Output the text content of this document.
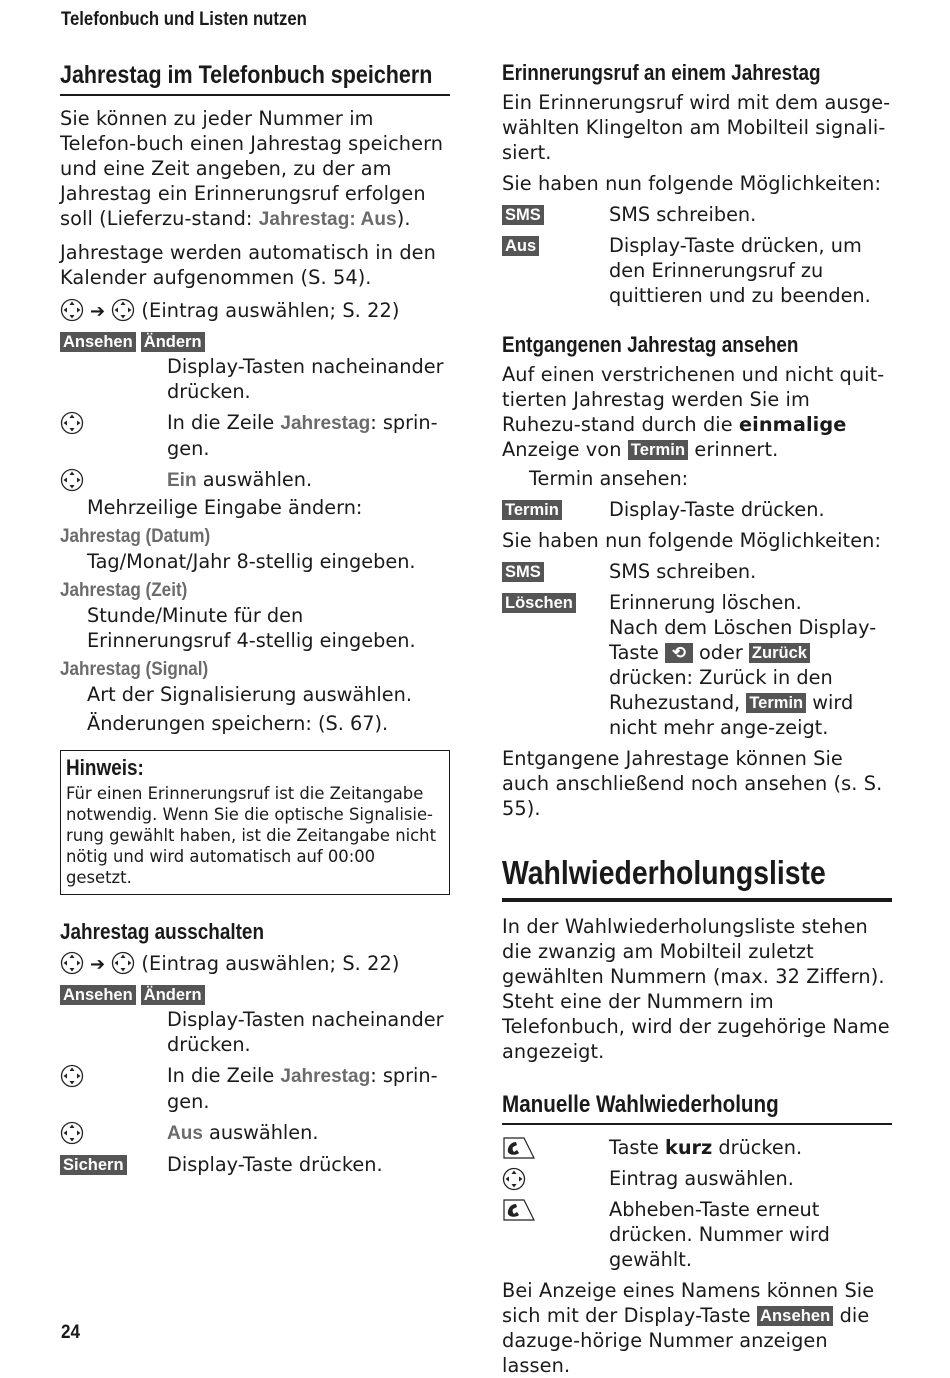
Telefonbuch und Listen nutzen
Jahrestag im Telefonbuch speichern

Sie können zu jeder Nummer im Telefon-buch einen Jahrestag speichern und eine Zeit angeben, zu der am Jahrestag ein Erinnerungsruf erfolgen soll (Lieferzu-stand: Jahrestag: Aus).

Jahrestage werden automatisch in den Kalender aufgenommen (S. 54).

➔ (Eintrag auswählen; S. 22)
Ansehen Ändern
Display-Tasten nacheinander drücken.
In die Zeile Jahrestag: sprin-gen.
Ein auswählen.
Mehrzeilige Eingabe ändern:
Jahrestag (Datum)
Tag/Monat/Jahr 8-stellig eingeben.
Jahrestag (Zeit)
Stunde/Minute für den Erinnerungsruf 4-stellig eingeben.
Jahrestag (Signal)
Art der Signalisierung auswählen.
Änderungen speichern: (S. 67).
Hinweis:
Für einen Erinnerungsruf ist die Zeitangabe notwendig. Wenn Sie die optische Signalisie-rung gewählt haben, ist die Zeitangabe nicht nötig und wird automatisch auf 00:00 gesetzt.
Jahrestag ausschalten
➔ (Eintrag auswählen; S. 22)
Ansehen Ändern
Display-Tasten nacheinander drücken.
In die Zeile Jahrestag: sprin-gen.
Aus auswählen.
Sichern Display-Taste drücken.
Erinnerungsruf an einem Jahrestag

Ein Erinnerungsruf wird mit dem ausge-wählten Klingelton am Mobilteil signali-siert.

Sie haben nun folgende Möglichkeiten:

SMS	SMS schreiben.
Aus	Display-Taste drücken, um den Erinnerungsruf zu quittieren und zu beenden.
Entgangenen Jahrestag ansehen

Auf einen verstrichenen und nicht quit-tierten Jahrestag werden Sie im Ruhezu-stand durch die einmalige Anzeige von Termin erinnert.

Termin ansehen:
Termin	Display-Taste drücken.

Sie haben nun folgende Möglichkeiten:

SMS	SMS schreiben.
Löschen Erinnerung löschen.
Nach dem Löschen Display-Taste ⟲ oder Zurück drücken: Zurück in den Ruhezustand, Termin wird nicht mehr ange-zeigt.

Entgangene Jahrestage können Sie auch anschließend noch ansehen (s. S. 55).

Wahlwiederholungsliste

In der Wahlwiederholungsliste stehen die zwanzig am Mobilteil zuletzt gewählten Nummern (max. 32 Ziffern). Steht eine der Nummern im Telefonbuch, wird der zugehörige Name angezeigt.

Manuelle Wahlwiederholung
Taste kurz drücken.
Eintrag auswählen.
Abheben-Taste erneut drücken. Nummer wird gewählt.

Bei Anzeige eines Namens können Sie sich mit der Display-Taste Ansehen die dazuge-hörige Nummer anzeigen lassen.

24
